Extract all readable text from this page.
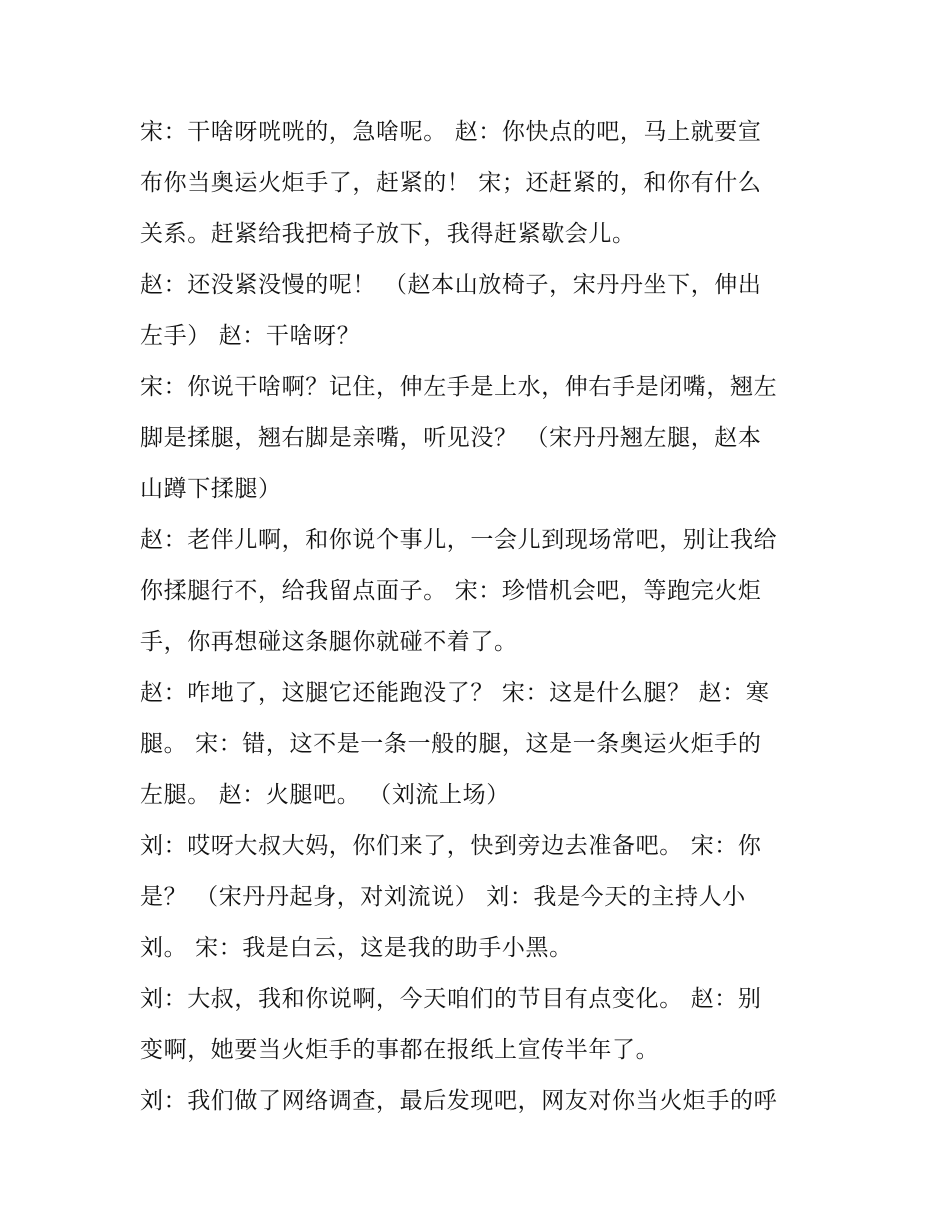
宋：干啥呀咣咣的，急啥呢。 赵：你快点的吧，马上就要宣
布你当奥运火炬手了，赶紧的！ 宋；还赶紧的，和你有什么
关系。赶紧给我把椅子放下，我得赶紧歇会儿。
赵：还没紧没慢的呢！ （赵本山放椅子，宋丹丹坐下，伸出
左手） 赵：干啥呀？
宋：你说干啥啊？记住，伸左手是上水，伸右手是闭嘴，翘左
脚是揉腿，翘右脚是亲嘴，听见没？ （宋丹丹翘左腿，赵本
山蹲下揉腿）
赵：老伴儿啊，和你说个事儿，一会儿到现场常吧，别让我给
你揉腿行不，给我留点面子。 宋：珍惜机会吧，等跑完火炬
手，你再想碰这条腿你就碰不着了。
赵：咋地了，这腿它还能跑没了？ 宋：这是什么腿？ 赵：寒
腿。 宋：错，这不是一条一般的腿，这是一条奥运火炬手的
左腿。 赵：火腿吧。 （刘流上场）
刘：哎呀大叔大妈，你们来了，快到旁边去准备吧。 宋：你
是？ （宋丹丹起身，对刘流说） 刘：我是今天的主持人小
刘。 宋：我是白云，这是我的助手小黑。
刘：大叔，我和你说啊，今天咱们的节目有点变化。 赵：别
变啊，她要当火炬手的事都在报纸上宣传半年了。
刘：我们做了网络调查，最后发现吧，网友对你当火炬手的呼
